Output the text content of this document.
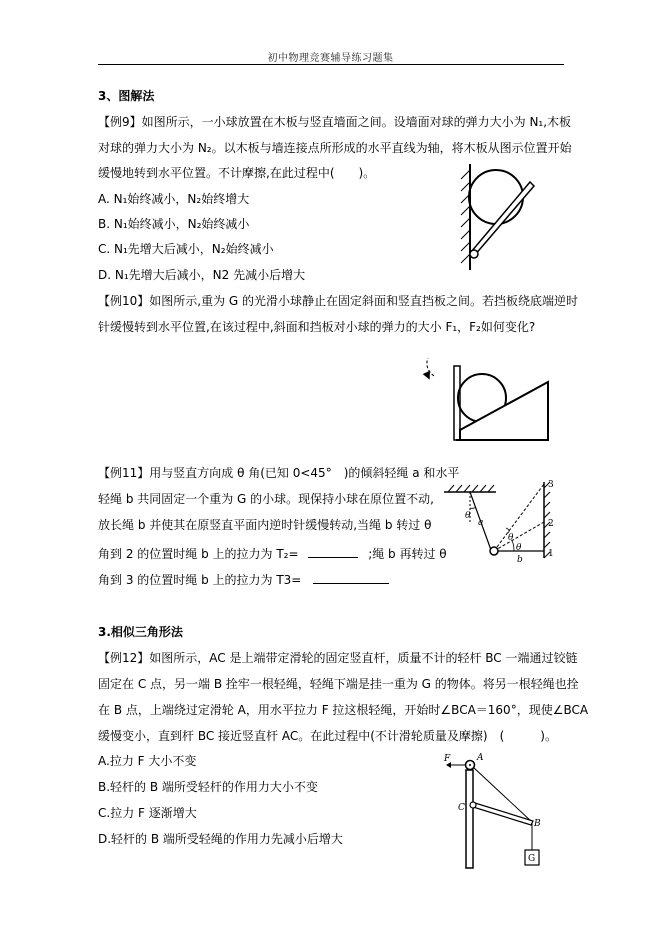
初中物理竞赛辅导练习题集
3、图解法
【例9】如图所示，一小球放置在木板与竖直墙面之间。设墙面对球的弹力大小为 N₁,木板
对球的弹力大小为 N₂。以木板与墙连接点所形成的水平直线为轴，将木板从图示位置开始
缓慢地转到水平位置。不计摩擦,在此过程中(　　)。
A. N₁始终减小，N₂始终增大
B. N₁始终减小，N₂始终减小
C. N₁先增大后减小，N₂始终减小
D. N₁先增大后减小，N2 先减小后增大
【例10】如图所示,重为 G 的光滑小球静止在固定斜面和竖直挡板之间。若挡板绕底端逆时
针缓慢转到水平位置,在该过程中,斜面和挡板对小球的弹力的大小 F₁，F₂如何变化?
【例11】用与竖直方向成 θ 角(已知 0<45°　)的倾斜轻绳 a 和水平
轻绳 b 共同固定一个重为 G 的小球。现保持小球在原位置不动,
放长绳 b 并使其在原竖直平面内逆时针缓慢转动,当绳 b 转过 θ
角到 2 的位置时绳 b 上的拉力为 T₂=	;绳 b 再转过 θ
角到 3 的位置时绳 b 上的拉力为 T3=
θ
a
θ
θ
b
1
2
3
3.相似三角形法
【例12】如图所示，AC 是上端带定滑轮的固定竖直杆，质量不计的轻杆 BC 一端通过铰链
固定在 C 点，另一端 B 拴牢一根轻绳，轻绳下端是挂一重为 G 的物体。将另一根轻绳也拴
在 B 点，上端绕过定滑轮 A，用水平拉力 F 拉这根轻绳，开始时∠BCA＝160°，现使∠BCA
缓慢变小，直到杆 BC 接近竖直杆 AC。在此过程中(不计滑轮质量及摩擦)　(　　　)。
A.拉力 F 大小不变
B.轻杆的 B 端所受轻杆的作用力大小不变
C.拉力 F 逐渐增大
D.轻杆的 B 端所受轻绳的作用力先减小后增大
F	A
C
B
G
